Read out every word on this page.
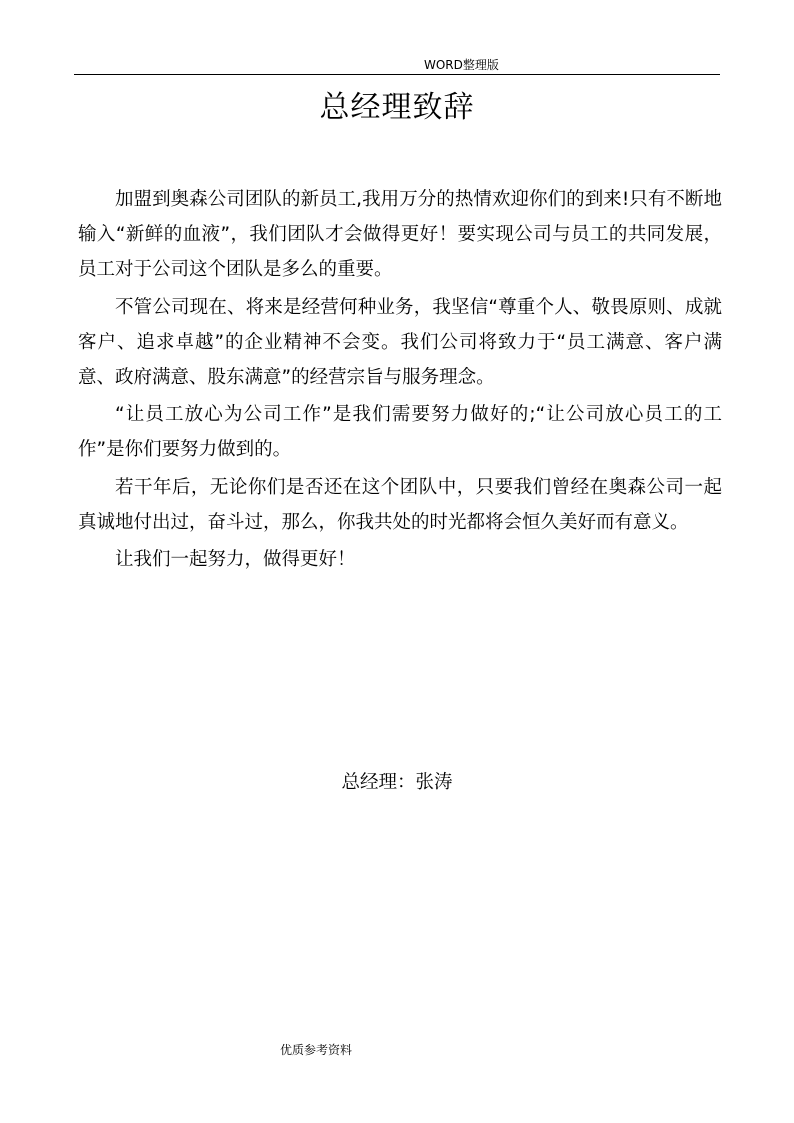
WORD整理版
总经理致辞

加盟到奥森公司团队的新员工,我用万分的热情欢迎你们的到来!只有不断地输入“新鲜的血液”，我们团队才会做得更好！要实现公司与员工的共同发展，员工对于公司这个团队是多么的重要。

不管公司现在、将来是经营何种业务，我坚信“尊重个人、敬畏原则、成就客户、追求卓越”的企业精神不会变。我们公司将致力于“员工满意、客户满意、政府满意、股东满意”的经营宗旨与服务理念。

“让员工放心为公司工作”是我们需要努力做好的;“让公司放心员工的工作”是你们要努力做到的。

若干年后，无论你们是否还在这个团队中，只要我们曾经在奥森公司一起真诚地付出过，奋斗过，那么，你我共处的时光都将会恒久美好而有意义。

让我们一起努力，做得更好！

总经理：张涛
优质参考资料
